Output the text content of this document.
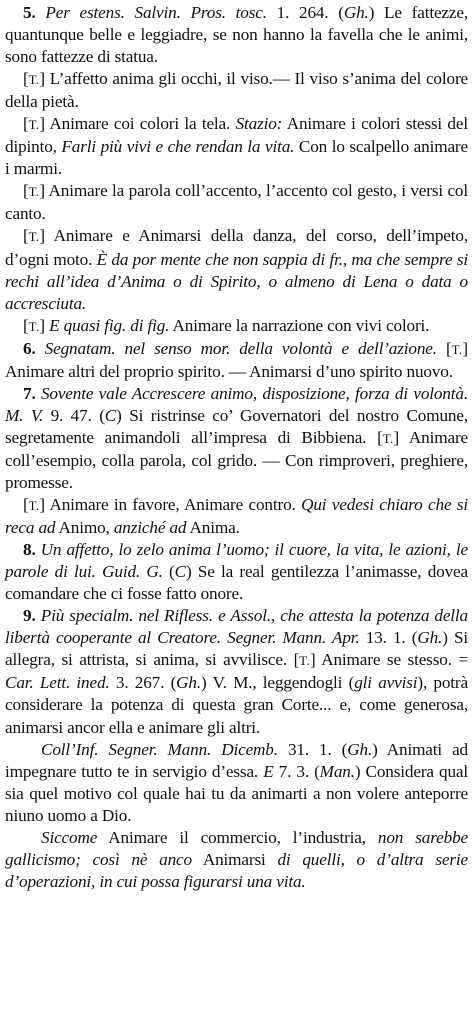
5. Per estens. Salvin. Pros. tosc. 1. 264. (Gh.) Le fattezze, quantunque belle e leggiadre, se non hanno la favella che le animi, sono fattezze di statua.

[T.] L’affetto anima gli occhi, il viso.— Il viso s’anima del colore della pietà.

[T.] Animare coi colori la tela. Stazio: Animare i colori stessi del dipinto, Farli più vivi e che rendan la vita. Con lo scalpello animare i marmi.

[T.] Animare la parola coll’accento, l’accento col gesto, i versi col canto.

[T.] Animare e Animarsi della danza, del corso, dell’impeto, d’ogni moto. È da por mente che non sappia di fr., ma che sempre si rechi all’idea d’Anima o di Spirito, o almeno di Lena o data o accresciuta.

[T.] E quasi fig. di fig. Animare la narrazione con vivi colori.

6. Segnatam. nel senso mor. della volontà e dell’azione. [T.] Animare altri del proprio spirito. — Animarsi d’uno spirito nuovo.

7. Sovente vale Accrescere animo, disposizione, forza di volontà. M. V. 9. 47. (C) Si ristrinse co’ Governatori del nostro Comune, segretamente animandoli all’impresa di Bibbiena. [T.] Animare coll’esempio, colla parola, col grido. — Con rimproveri, preghiere, promesse.

[T.] Animare in favore, Animare contro. Qui vedesi chiaro che si reca ad Animo, anziché ad Anima.

8. Un affetto, lo zelo anima l’uomo; il cuore, la vita, le azioni, le parole di lui. Guid. G. (C) Se la real gentilezza l’animasse, dovea comandare che ci fosse fatto onore.

9. Più specialm. nel Rifless. e Assol., che attesta la potenza della libertà cooperante al Creatore. Segner. Mann. Apr. 13. 1. (Gh.) Si allegra, si attrista, si anima, si avvilisce. [T.] Animare se stesso. = Car. Lett. ined. 3. 267. (Gh.) V. M., leggendogli (gli avvisi), potrà considerare la potenza di questa gran Corte... e, come generosa, animarsi ancor ella e animare gli altri.

Coll’Inf. Segner. Mann. Dicemb. 31. 1. (Gh.) Animati ad impegnare tutto te in servigio d’essa. E 7. 3. (Man.) Considera qual sia quel motivo col quale hai tu da animarti a non volere anteporre niuno uomo a Dio.

Siccome Animare il commercio, l’industria, non sarebbe gallicismo; così nè anco Animarsi di quelli, o d’altra serie d’operazioni, in cui possa figurarsi una vita.
